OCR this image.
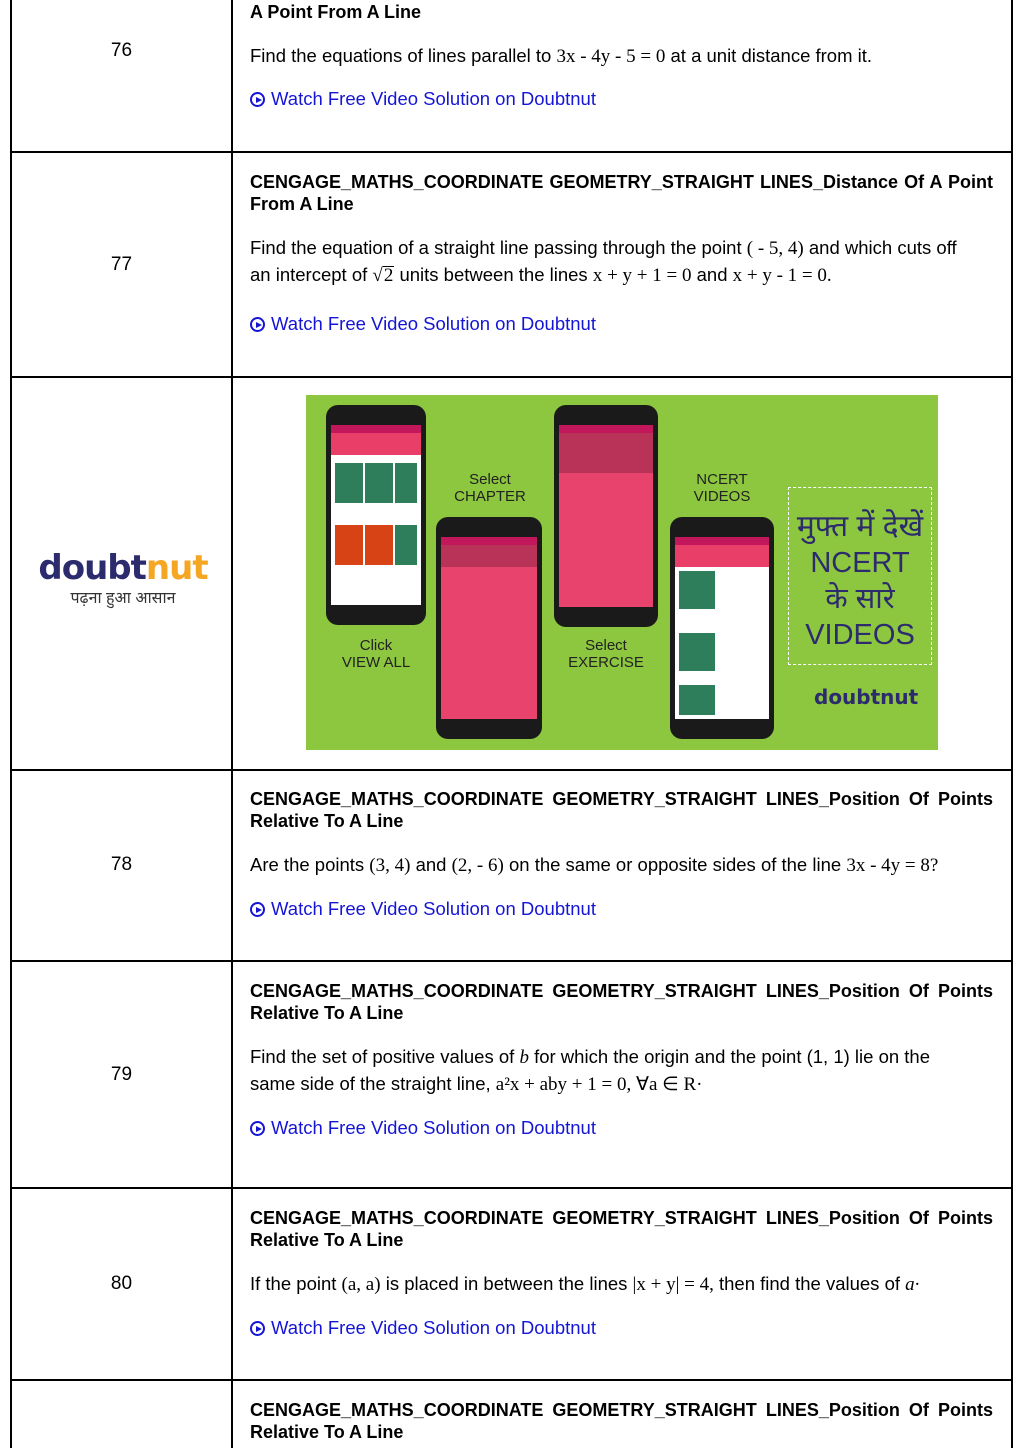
76
A Point From A Line
Find the equations of lines parallel to 3x - 4y - 5 = 0 at a unit distance from it.
Watch Free Video Solution on Doubtnut
77
CENGAGE_MATHS_COORDINATE GEOMETRY_STRAIGHT LINES_Distance Of A Point From A Line
Find the equation of a straight line passing through the point ( - 5, 4) and which cuts off
an intercept of √2 units between the lines x + y + 1 = 0 and x + y - 1 = 0.
Watch Free Video Solution on Doubtnut
doubtnut
पढ़ना हुआ आसान
Click
VIEW ALL
Select
CHAPTER
Select
EXERCISE
NCERT
VIDEOS
मुफ्त में देखें
NCERT
के सारे
VIDEOS
doubtnut
78
CENGAGE_MATHS_COORDINATE GEOMETRY_STRAIGHT LINES_Position Of Points Relative To A Line
Are the points (3, 4) and (2, - 6) on the same or opposite sides of the line 3x - 4y = 8?
Watch Free Video Solution on Doubtnut
79
CENGAGE_MATHS_COORDINATE GEOMETRY_STRAIGHT LINES_Position Of Points Relative To A Line
Find the set of positive values of b for which the origin and the point (1, 1) lie on the
same side of the straight line, a²x + aby + 1 = 0, ∀a ∈ R·
Watch Free Video Solution on Doubtnut
80
CENGAGE_MATHS_COORDINATE GEOMETRY_STRAIGHT LINES_Position Of Points Relative To A Line
If the point (a, a) is placed in between the lines |x + y| = 4, then find the values of a·
Watch Free Video Solution on Doubtnut
CENGAGE_MATHS_COORDINATE GEOMETRY_STRAIGHT LINES_Position Of Points Relative To A Line
